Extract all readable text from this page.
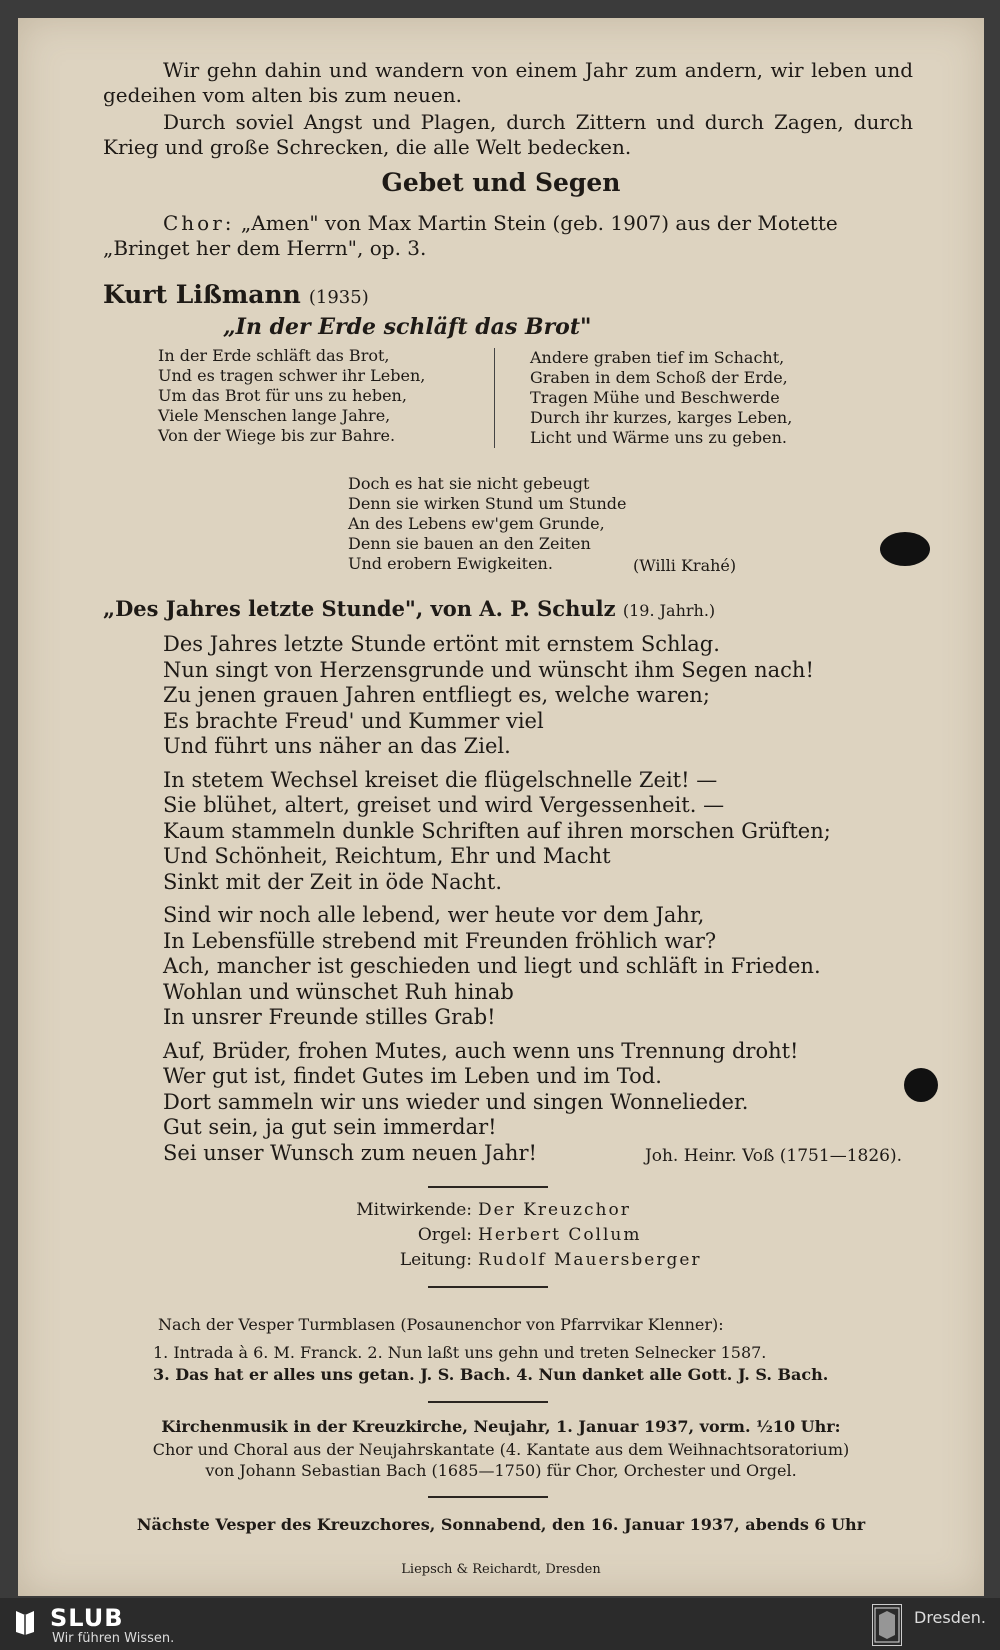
Wir gehn dahin und wandern von einem Jahr zum andern, wir leben und gedeihen vom alten bis zum neuen.

Durch soviel Angst und Plagen, durch Zittern und durch Zagen, durch Krieg und große Schrecken, die alle Welt bedecken.

Gebet und Segen
Chor: „Amen" von Max Martin Stein (geb. 1907) aus der Motette „Bringet her dem Herrn", op. 3.
Kurt Lißmann (1935)
„In der Erde schläft das Brot"
In der Erde schläft das Brot,
Und es tragen schwer ihr Leben,
Um das Brot für uns zu heben,
Viele Menschen lange Jahre,
Von der Wiege bis zur Bahre.
Andere graben tief im Schacht,
Graben in dem Schoß der Erde,
Tragen Mühe und Beschwerde
Durch ihr kurzes, karges Leben,
Licht und Wärme uns zu geben.
Doch es hat sie nicht gebeugt
Denn sie wirken Stund um Stunde
An des Lebens ew'gem Grunde,
Denn sie bauen an den Zeiten
Und erobern Ewigkeiten.	(Willi Krahé)
„Des Jahres letzte Stunde", von A. P. Schulz (19. Jahrh.)
Des Jahres letzte Stunde ertönt mit ernstem Schlag.
Nun singt von Herzensgrunde und wünscht ihm Segen nach!
Zu jenen grauen Jahren entfliegt es, welche waren;
Es brachte Freud' und Kummer viel
Und führt uns näher an das Ziel.
In stetem Wechsel kreiset die flügelschnelle Zeit! —
Sie blühet, altert, greiset und wird Vergessenheit. —
Kaum stammeln dunkle Schriften auf ihren morschen Grüften;
Und Schönheit, Reichtum, Ehr und Macht
Sinkt mit der Zeit in öde Nacht.
Sind wir noch alle lebend, wer heute vor dem Jahr,
In Lebensfülle strebend mit Freunden fröhlich war?
Ach, mancher ist geschieden und liegt und schläft in Frieden.
Wohlan und wünschet Ruh hinab
In unsrer Freunde stilles Grab!
Auf, Brüder, frohen Mutes, auch wenn uns Trennung droht!
Wer gut ist, findet Gutes im Leben und im Tod.
Dort sammeln wir uns wieder und singen Wonnelieder.
Gut sein, ja gut sein immerdar!
Sei unser Wunsch zum neuen Jahr!	Joh. Heinr. Voß (1751—1826).
Mitwirkende: Der Kreuzchor
Orgel: Herbert Collum
Leitung: Rudolf Mauersberger
Nach der Vesper Turmblasen (Posaunenchor von Pfarrvikar Klenner):
1. Intrada à 6. M. Franck. 2. Nun laßt uns gehn und treten Selnecker 1587.
3. Das hat er alles uns getan. J. S. Bach. 4. Nun danket alle Gott. J. S. Bach.
Kirchenmusik in der Kreuzkirche, Neujahr, 1. Januar 1937, vorm. ½10 Uhr:
Chor und Choral aus der Neujahrskantate (4. Kantate aus dem Weihnachtsoratorium)
von Johann Sebastian Bach (1685—1750) für Chor, Orchester und Orgel.
Nächste Vesper des Kreuzchores, Sonnabend, den 16. Januar 1937, abends 6 Uhr
Liepsch & Reichardt, Dresden
SLUB
Wir führen Wissen.
Dresden.
